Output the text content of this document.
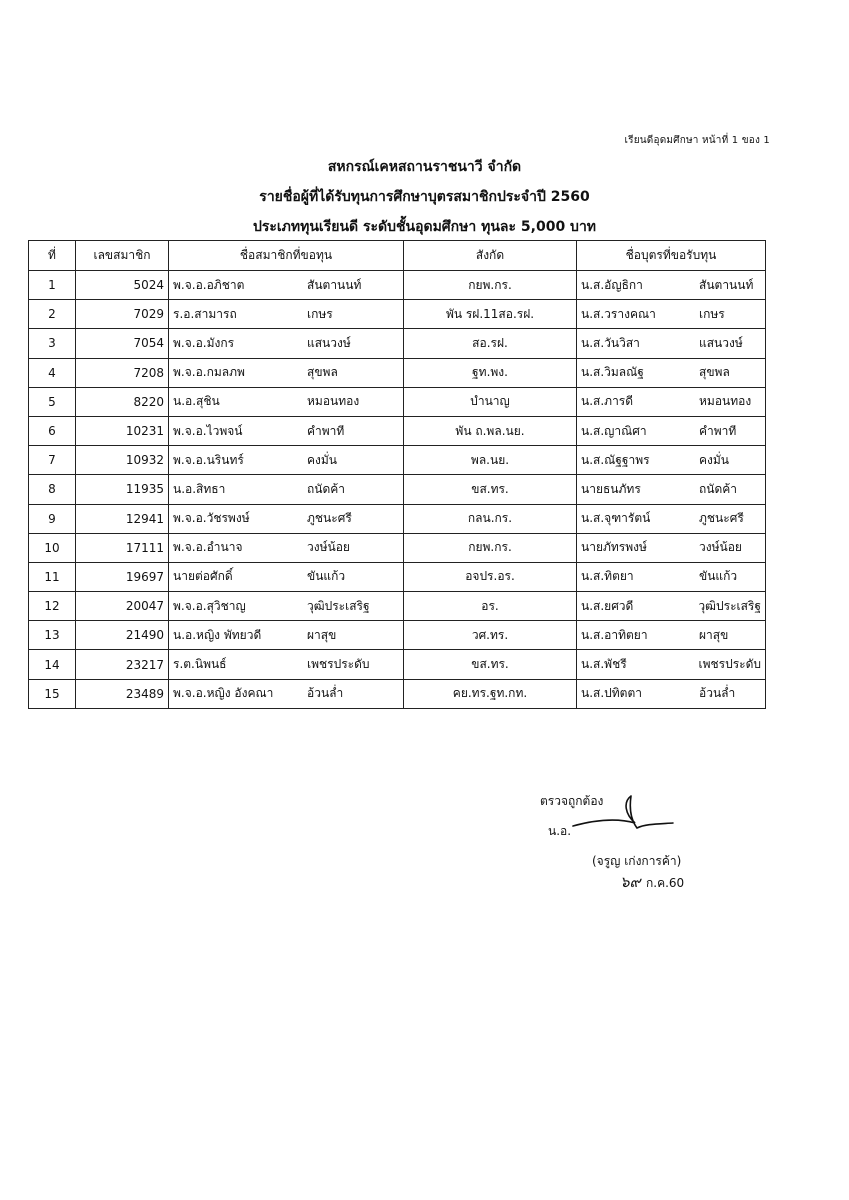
เรียนดีอุดมศึกษา หน้าที่ 1 ของ 1
สหกรณ์เคหสถานราชนาวี จำกัด
รายชื่อผู้ที่ได้รับทุนการศึกษาบุตรสมาชิกประจำปี 2560
ประเภททุนเรียนดี ระดับชั้นอุดมศึกษา ทุนละ 5,000 บาท
ที่	เลขสมาชิก	ชื่อสมาชิกที่ขอทุน	สังกัด	ชื่อบุตรที่ขอรับทุน
1	5024	พ.จ.อ.อภิชาต สันตานนท์	กยพ.กร.	น.ส.อัญธิกา สันตานนท์

2	7029	ร.อ.สามารถ เกษร	พัน รฝ.11สอ.รฝ.	น.ส.วรางคณา เกษร

3	7054	พ.จ.อ.มังกร แสนวงษ์	สอ.รฝ.	น.ส.วันวิสา แสนวงษ์

4	7208	พ.จ.อ.กมลภพ สุขพล	ฐท.พง.	น.ส.วิมลณัฐ สุขพล

5	8220	น.อ.สุชิน หมอนทอง	บำนาญ	น.ส.ภารดี หมอนทอง

6	10231	พ.จ.อ.ไวพจน์ คำพาที	พัน ถ.พล.นย.	น.ส.ญาณิศา คำพาที

7	10932	พ.จ.อ.นรินทร์ คงมั่น	พล.นย.	น.ส.ณัฐฐาพร คงมั่น

8	11935	น.อ.สิทธา ถนัดค้า	ขส.ทร.	นายธนภัทร ถนัดค้า

9	12941	พ.จ.อ.วัชรพงษ์ ภูชนะศรี	กลน.กร.	น.ส.จุฑารัตน์ ภูชนะศรี

10	17111	พ.จ.อ.อำนาจ วงษ์น้อย	กยพ.กร.	นายภัทรพงษ์ วงษ์น้อย

11	19697	นายต่อศักดิ์ ขันแก้ว	อจปร.อร.	น.ส.ทิตยา ขันแก้ว

12	20047	พ.จ.อ.สุวิชาญ วุฒิประเสริฐ	อร.	น.ส.ยศวดี วุฒิประเสริฐ

13	21490	น.อ.หญิง พัทยวดี ผาสุข	วศ.ทร.	น.ส.อาทิตยา ผาสุข

14	23217	ร.ต.นิพนธ์ เพชรประดับ	ขส.ทร.	น.ส.พัชรี เพชรประดับ

15	23489	พ.จ.อ.หญิง อังคณา อ้วนล่ำ	คย.ทร.ฐท.กท.	น.ส.ปทิตตา อ้วนล่ำ
ตรวจถูกต้อง
น.อ.
(จรูญ เก่งการค้า)
๖๙ ก.ค.60
